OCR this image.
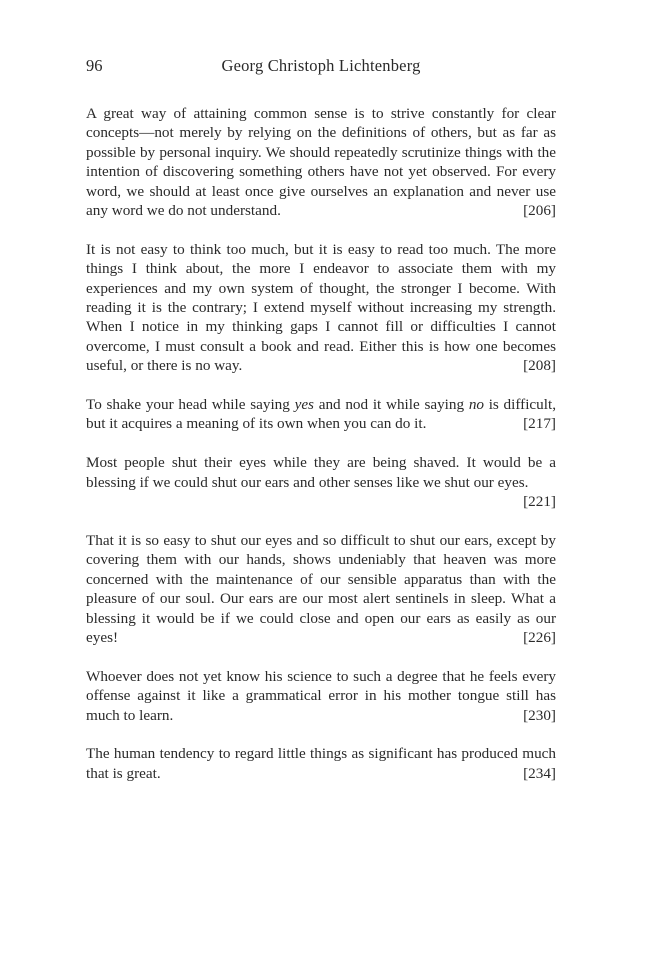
96	Georg Christoph Lichtenberg

A great way of attaining common sense is to strive constantly for clear concepts—not merely by relying on the definitions of others, but as far as possible by personal inquiry. We should repeatedly scrutinize things with the intention of discovering something others have not yet observed. For every word, we should at least once give ourselves an explanation and never use any word we do not understand.	[206]

It is not easy to think too much, but it is easy to read too much. The more things I think about, the more I endeavor to associate them with my experiences and my own system of thought, the stronger I become. With reading it is the contrary; I extend myself without increasing my strength. When I notice in my thinking gaps I cannot fill or difficulties I cannot overcome, I must consult a book and read. Either this is how one becomes useful, or there is no way.	[208]

To shake your head while saying yes and nod it while saying no is difficult, but it acquires a meaning of its own when you can do it.	[217]

Most people shut their eyes while they are being shaved. It would be a blessing if we could shut our ears and other senses like we shut our eyes.
[221]

That it is so easy to shut our eyes and so difficult to shut our ears, except by covering them with our hands, shows undeniably that heaven was more concerned with the maintenance of our sensible apparatus than with the pleasure of our soul. Our ears are our most alert sentinels in sleep. What a blessing it would be if we could close and open our ears as easily as our eyes!	[226]

Whoever does not yet know his science to such a degree that he feels every offense against it like a grammatical error in his mother tongue still has much to learn.	[230]

The human tendency to regard little things as significant has produced much that is great.	[234]
